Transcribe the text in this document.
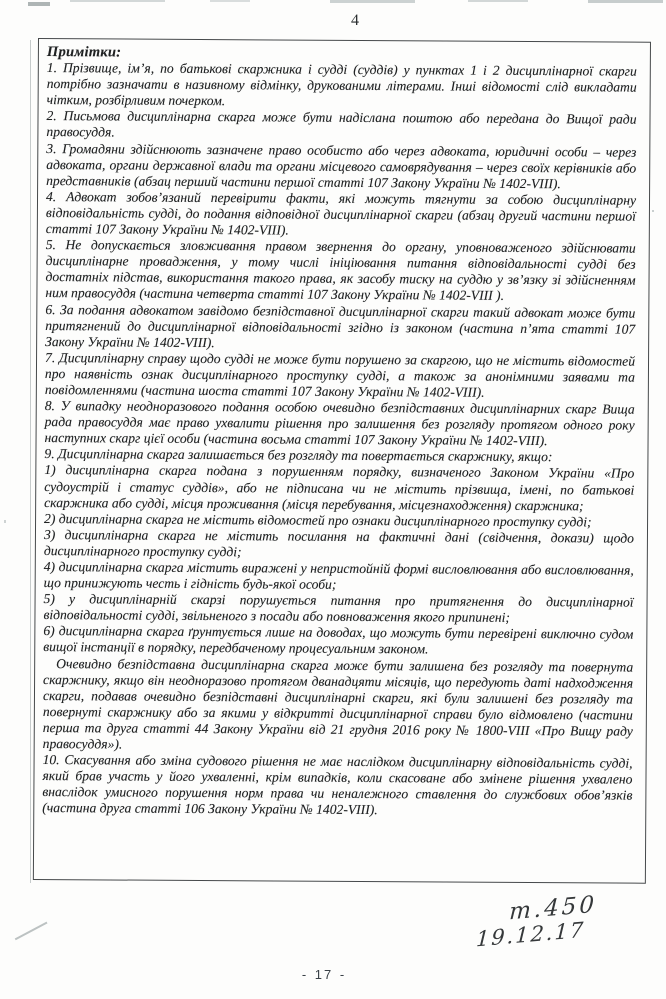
4

Примітки:

1. Прізвище, ім’я, по батькові скаржника і судді (суддів) у пунктах 1 і 2 дисциплінарної скарги потрібно зазначати в називному відмінку, друкованими літерами. Інші відомості слід викладати чітким, розбірливим почерком.

2. Письмова дисциплінарна скарга може бути надіслана поштою або передана до Вищої ради правосуддя.

3. Громадяни здійснюють зазначене право особисто або через адвоката, юридичні особи – через адвоката, органи державної влади та органи місцевого самоврядування – через своїх керівників або представників (абзац перший частини першої статті 107 Закону України № 1402-VIII).

4. Адвокат зобов’язаний перевірити факти, які можуть тягнути за собою дисциплінарну відповідальність судді, до подання відповідної дисциплінарної скарги (абзац другий частини першої статті 107 Закону України № 1402-VIII).

5. Не допускається зловживання правом звернення до органу, уповноваженого здійснювати дисциплінарне провадження, у тому числі ініціювання питання відповідальності судді без достатніх підстав, використання такого права, як засобу тиску на суддю у зв’язку зі здійсненням ним правосуддя (частина четверта статті 107 Закону України № 1402-VIII ).

6. За подання адвокатом завідомо безпідставної дисциплінарної скарги такий адвокат може бути притягнений до дисциплінарної відповідальності згідно із законом (частина п’ята статті 107 Закону України № 1402-VIII).

7. Дисциплінарну справу щодо судді не може бути порушено за скаргою, що не містить відомостей про наявність ознак дисциплінарного проступку судді, а також за анонімними заявами та повідомленнями (частина шоста статті 107 Закону України № 1402-VIII).

8. У випадку неодноразового подання особою очевидно безпідставних дисциплінарних скарг Вища рада правосуддя має право ухвалити рішення про залишення без розгляду протягом одного року наступних скарг цієї особи (частина восьма статті 107 Закону України № 1402-VIII).

9. Дисциплінарна скарга залишається без розгляду та повертається скаржнику, якщо:

1) дисциплінарна скарга подана з порушенням порядку, визначеного Законом України «Про судоустрій і статус суддів», або не підписана чи не містить прізвища, імені, по батькові скаржника або судді, місця проживання (місця перебування, місцезнаходження) скаржника;

2) дисциплінарна скарга не містить відомостей про ознаки дисциплінарного проступку судді;

3) дисциплінарна скарга не містить посилання на фактичні дані (свідчення, докази) щодо дисциплінарного проступку судді;

4) дисциплінарна скарга містить виражені у непристойній формі висловлювання або висловлювання, що принижують честь і гідність будь-якої особи;

5) у дисциплінарній скарзі порушується питання про притягнення до дисциплінарної відповідальності судді, звільненого з посади або повноваження якого припинені;

6) дисциплінарна скарга ґрунтується лише на доводах, що можуть бути перевірені виключно судом вищої інстанції в порядку, передбаченому процесуальним законом.

Очевидно безпідставна дисциплінарна скарга може бути залишена без розгляду та повернута скаржнику, якщо він неодноразово протягом дванадцяти місяців, що передують даті надходження скарги, подавав очевидно безпідставні дисциплінарні скарги, які були залишені без розгляду та повернуті скаржнику або за якими у відкритті дисциплінарної справи було відмовлено (частини перша та друга статті 44 Закону України від 21 грудня 2016 року № 1800-VIII «Про Вищу раду правосуддя»).

10. Скасування або зміна судового рішення не має наслідком дисциплінарну відповідальність судді, який брав участь у його ухваленні, крім випадків, коли скасоване або змінене рішення ухвалено внаслідок умисного порушення норм права чи неналежного ставлення до службових обов’язків (частина друга статті 106 Закону України № 1402-VIII).

т.450
19.12.17
- 17 -
